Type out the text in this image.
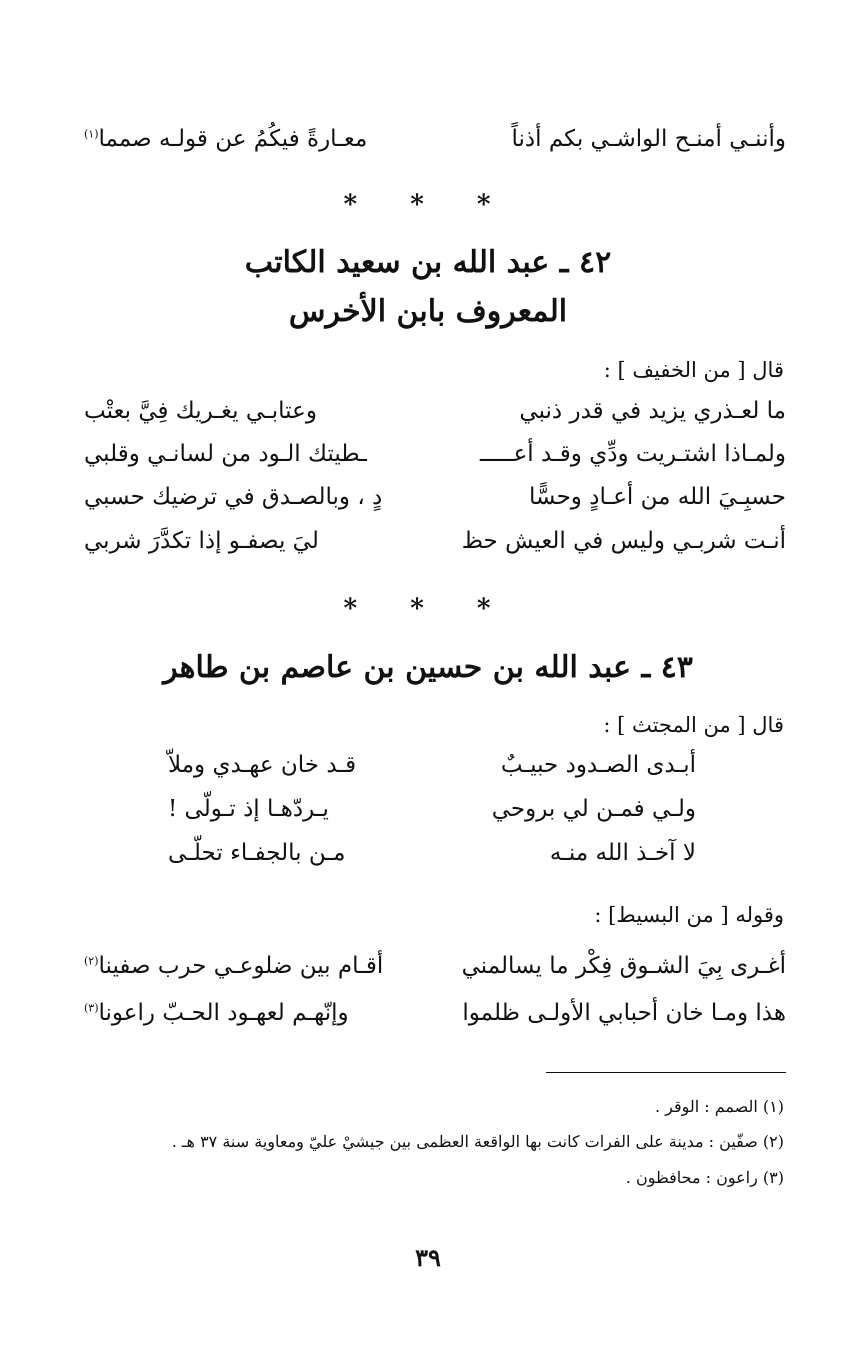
وأننـي أمنـح الواشـي بكم أذناً
معـارةً فيكُمُ عن قولـه صمما$^{(١)}$
* * *
٤٢ ـ عبد الله بن سعيد الكاتب
المعروف بابن الأخرس
قال [ من الخفيف ] :
ما لعـذري يزيد في قدر ذنبي
وعتابـي يغـريك فِيَّ بعتْب
ولمـاذا اشتـريت ودِّي وقـد أعـــــ
ـطيتك الـود من لسانـي وقلبي
حسبِـيَ الله من أعـادٍ وحسًّا
دٍ ، وبالصـدق في ترضيك حسبي
أنـت شربـي وليس في العيش حظ
ليَ يصفـو إذا تكدَّرَ شربي
* * *
٤٣ ـ عبد الله بن حسين بن عاصم بن طاهر
قال [ من المجتث ] :
أبـدى الصـدود حبيـبٌ
قـد خان عهـدي وملاّ
ولـي فمـن لي بروحي
يـردّهـا إذ تـولّى !
لا آخـذ الله منـه
مـن بالجفـاء تحلّـى
وقوله [ من البسيط] :
أغـرى بِيَ الشـوق فِكْر ما يسالمني
أقـام بين ضلوعـي حرب صفينا$^{(٢)}$
هذا ومـا خان أحبابي الأولـى ظلموا
وإنّهـم لعهـود الحـبّ راعونا$^{(٣)}$
(١) الصمم : الوقر .
(٢) صفّين : مدينة على الفرات كانت بها الواقعة العظمى بين جيشيْ عليّ ومعاوية سنة ٣٧ هـ .
(٣) راعون : محافظون .
٣٩
